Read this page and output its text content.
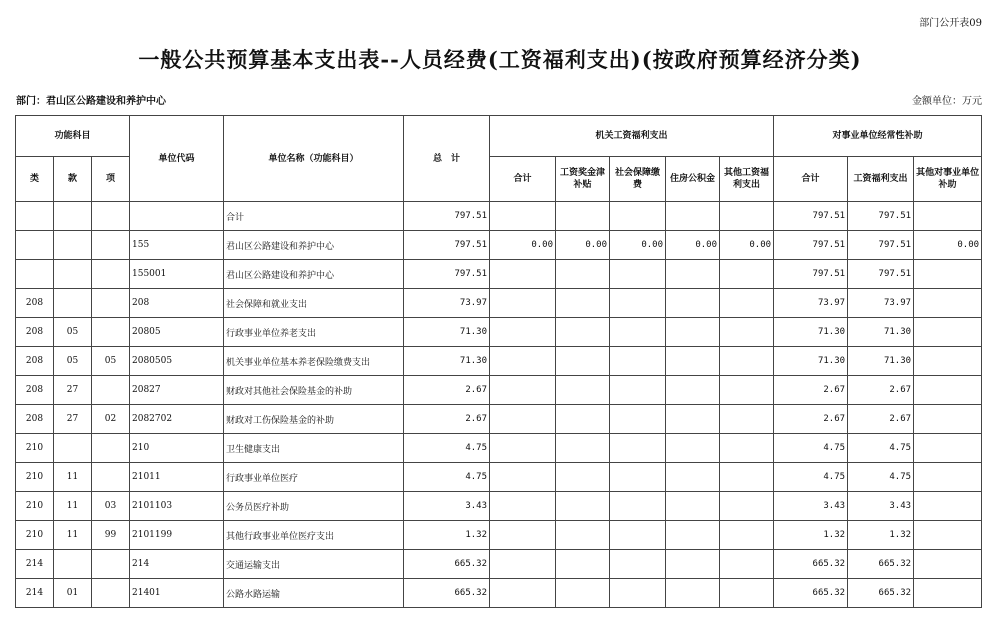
部门公开表09
一般公共预算基本支出表--人员经费(工资福利支出)(按政府预算经济分类)
部门：君山区公路建设和养护中心	金额单位：万元
功能科目			单位代码	单位名称（功能科目）	总　计	机关工资福利支出					对事业单位经常性补助		
类	款	项				合计	工资奖金津补贴	社会保障缴费	住房公积金	其他工资福利支出	合计	工资福利支出	其他对事业单位补助
				合计	797.51						797.51	797.51	
			155	君山区公路建设和养护中心	797.51	0.00	0.00	0.00	0.00	0.00	797.51	797.51	0.00
			155001	君山区公路建设和养护中心	797.51						797.51	797.51	
208			208	社会保障和就业支出	73.97						73.97	73.97	
208	05		20805	行政事业单位养老支出	71.30						71.30	71.30	
208	05	05	2080505	机关事业单位基本养老保险缴费支出	71.30						71.30	71.30	
208	27		20827	财政对其他社会保险基金的补助	2.67						2.67	2.67	
208	27	02	2082702	财政对工伤保险基金的补助	2.67						2.67	2.67	
210			210	卫生健康支出	4.75						4.75	4.75	
210	11		21011	行政事业单位医疗	4.75						4.75	4.75	
210	11	03	2101103	公务员医疗补助	3.43						3.43	3.43	
210	11	99	2101199	其他行政事业单位医疗支出	1.32						1.32	1.32	
214			214	交通运输支出	665.32						665.32	665.32	
214	01		21401	公路水路运输	665.32						665.32	665.32	
